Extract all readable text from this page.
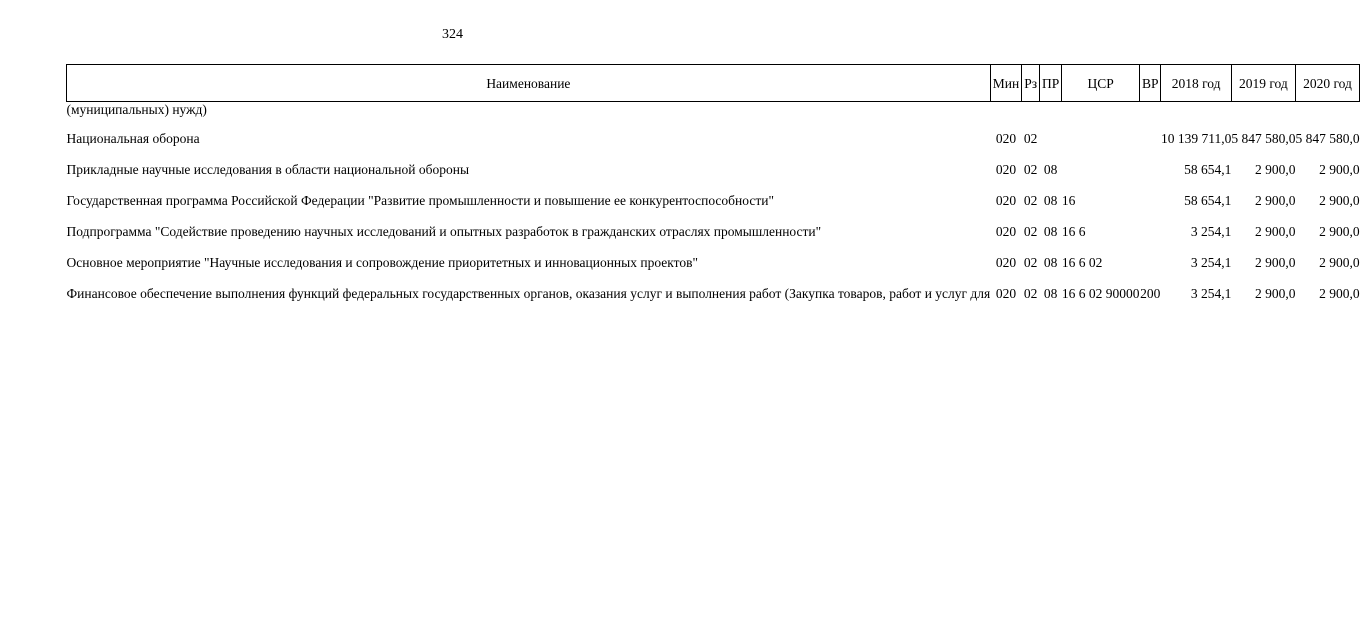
324
Наименование	Мин	Рз	ПР	ЦСР	ВР	2018 год	2019 год	2020 год
(муниципальных) нужд)								

Национальная оборона	020	02				10 139 711,0	5 847 580,0	5 847 580,0

Прикладные научные исследования в области национальной обороны	020	02	08			58 654,1	2 900,0	2 900,0

Государственная программа Российской Федерации "Развитие промышленности и повышение ее конкурентоспособности"	020	02	08	16		58 654,1	2 900,0	2 900,0

Подпрограмма "Содействие проведению научных исследований и опытных разработок в гражданских отраслях промышленности"	020	02	08	16 6		3 254,1	2 900,0	2 900,0

Основное мероприятие "Научные исследования и сопровождение приоритетных и инновационных проектов"	020	02	08	16 6 02		3 254,1	2 900,0	2 900,0

Финансовое обеспечение выполнения функций федеральных государственных органов, оказания услуг и выполнения работ (Закупка товаров, работ и услуг для	020	02	08	16 6 02 90000	200	3 254,1	2 900,0	2 900,0
